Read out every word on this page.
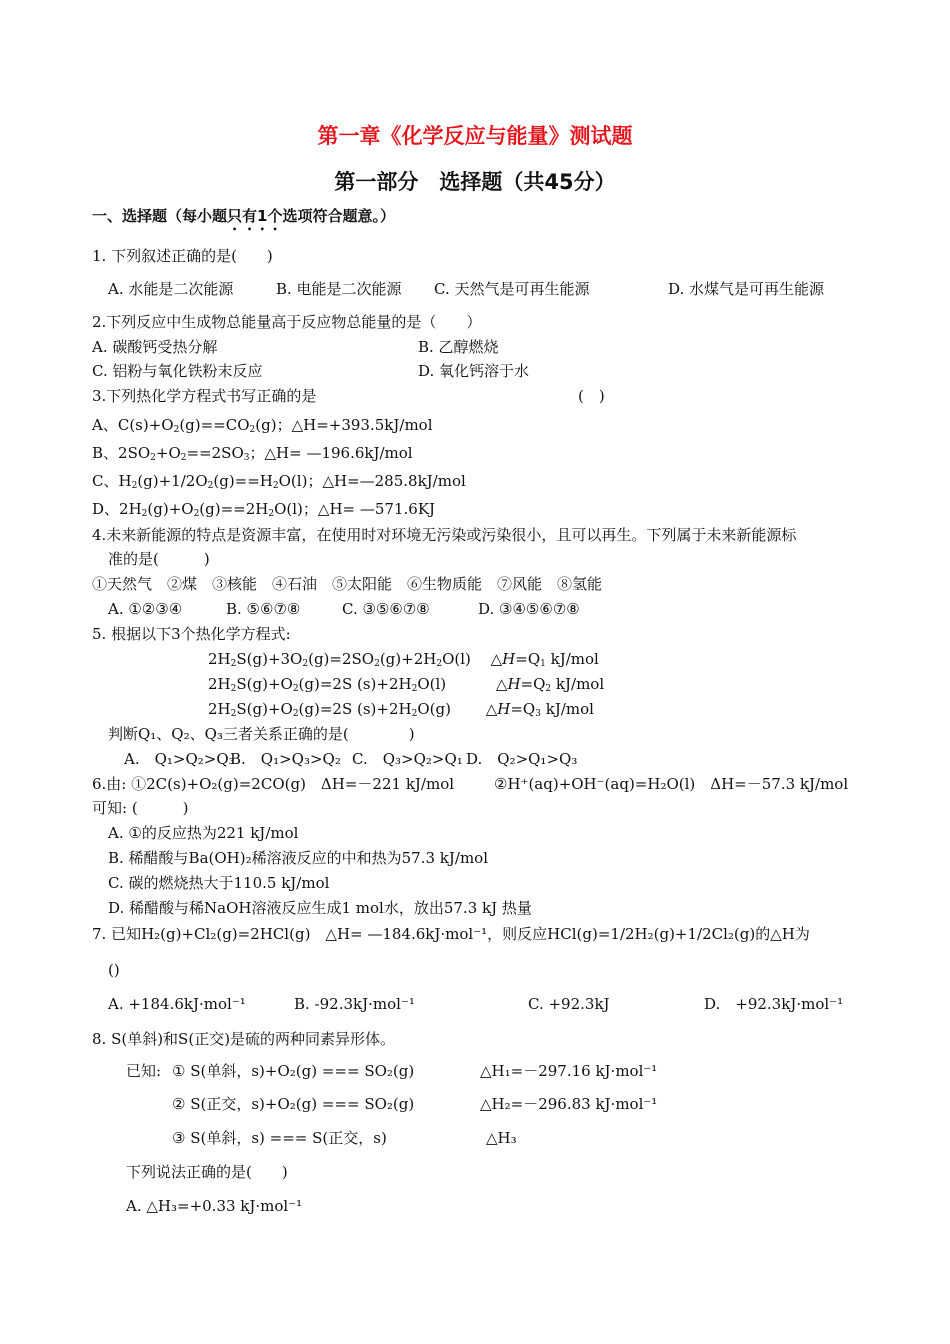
第一章《化学反应与能量》测试题
第一部分　选择题（共45分）
一、选择题（每小题只有1个选项符合题意。）
1. 下列叙述正确的是(　　)
A. 水能是二次能源	B. 电能是二次能源 C. 天然气是可再生能源	D. 水煤气是可再生能源
2.下列反应中生成物总能量高于反应物总能量的是（　　）
A. 碳酸钙受热分解	B. 乙醇燃烧
C. 铝粉与氧化铁粉末反应	D. 氧化钙溶于水
3.下列热化学方程式书写正确的是	(　)
A、$C(s)+O_2(g)==CO_2(g)$；△H=+393.5kJ/mol
B、$2SO_2+O_2==2SO_3$；△H= —196.6kJ/mol
C、$H_2(g)+1/2O_2(g)==H_2O(l)$；△H=—285.8kJ/mol
D、$2H_2(g)+O_2(g)==2H_2O(l)$；△H= —571.6KJ
4.未来新能源的特点是资源丰富，在使用时对环境无污染或污染很小，且可以再生。下列属于未来新能源标
准的是(　　　)
①天然气　②煤　③核能　④石油　⑤太阳能　⑥生物质能　⑦风能　⑧氢能
A. ①②③④	B. ⑤⑥⑦⑧	C. ③⑤⑥⑦⑧	D. ③④⑤⑥⑦⑧
5. 根据以下3个热化学方程式:
$2H_2S(g)+3O_2(g)=2SO_2(g)+2H_2O(l)$　 $\triangle H=Q_1$ kJ/mol
$2H_2S(g)+O_2(g)=2S$ $(s)+2H_2O(l)$　　 　$\triangle H=Q_2$ kJ/mol
$2H_2S(g)+O_2(g)=2S$ $(s)+2H_2O(g)$　　 $\triangle H=Q_3$ kJ/mol
判断Q₁、Q₂、Q₃三者关系正确的是(　　　　)
A.　Q₁>Q₂>Q₃
B.　Q₁>Q₃>Q₂ C.　Q₃>Q₂>Q₁ D.　Q₂>Q₁>Q₃
6.由: ①2C(s)+O₂(g)=2CO(g)　ΔH=－221 kJ/mol	②H⁺(aq)+OH⁻(aq)=H₂O(l)　ΔH=－57.3 kJ/mol
可知: (　　　)
A. ①的反应热为221 kJ/mol
B. 稀醋酸与Ba(OH)₂稀溶液反应的中和热为57.3 kJ/mol
C. 碳的燃烧热大于110.5 kJ/mol
D. 稀醋酸与稀NaOH溶液反应生成1 mol水，放出57.3 kJ 热量
7. 已知H₂(g)+Cl₂(g)=2HCl(g)　△H= —184.6kJ·mol⁻¹，则反应HCl(g)=1/2H₂(g)+1/2Cl₂(g)的△H为
()
A. +184.6kJ·mol⁻¹	B. -92.3kJ·mol⁻¹	C. +92.3kJ	D.　+92.3kJ·mol⁻¹
8. S(单斜)和S(正交)是硫的两种同素异形体。
已知: ① S(单斜，s)+O₂(g) === SO₂(g)	△H₁=－297.16 kJ·mol⁻¹
② S(正交，s)+O₂(g) === SO₂(g)	△H₂=－296.83 kJ·mol⁻¹
③ S(单斜，s) === S(正交，s)	△H₃
下列说法正确的是(　　)
A. △H₃=+0.33 kJ·mol⁻¹
